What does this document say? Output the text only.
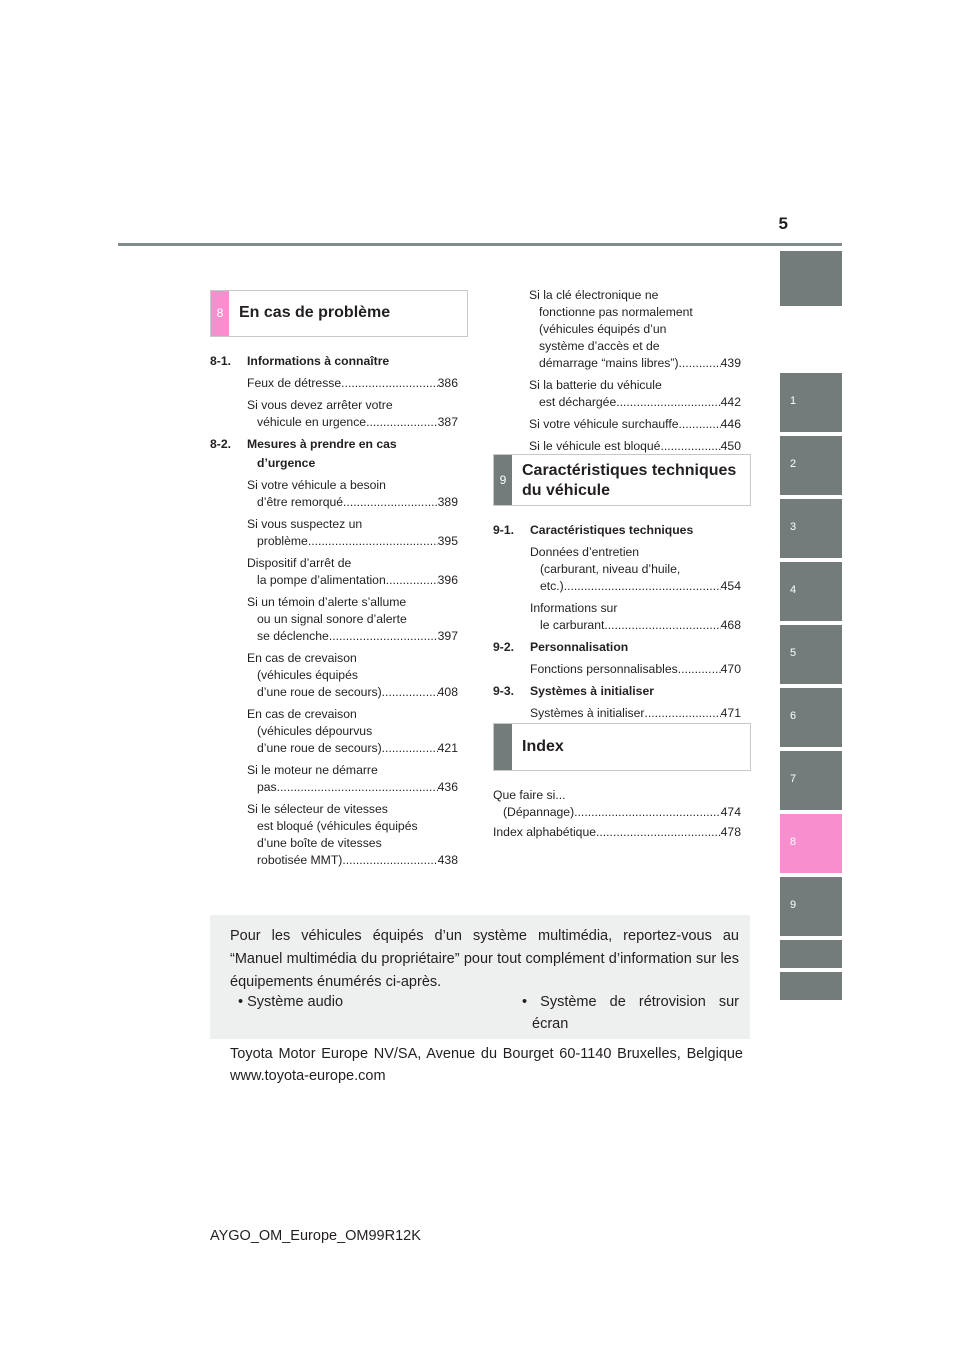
5
1
2
3
4
5
6
7
8
9
8 En cas de problème
8-1. Informations à connaître
Feux de détresse .....	386
Si vous devez arrêter votre
véhicule en urgence .....	387
8-2. Mesures à prendre en cas
d’urgence
Si votre véhicule a besoin
d’être remorqué .....	389
Si vous suspectez un
problème .....	395
Dispositif d’arrêt de
la pompe d’alimentation .....	396
Si un témoin d’alerte s’allume
ou un signal sonore d’alerte
se déclenche .....	397
En cas de crevaison
(véhicules équipés
d’une roue de secours) .....	408
En cas de crevaison
(véhicules dépourvus
d’une roue de secours) .....	421
Si le moteur ne démarre
pas .....	436
Si le sélecteur de vitesses
est bloqué (véhicules équipés
d’une boîte de vitesses
robotisée MMT) .....	438
Si la clé électronique ne
fonctionne pas normalement
(véhicules équipés d’un
système d’accès et de
démarrage “mains libres”) .....	439
Si la batterie du véhicule
est déchargée .....	442
Si votre véhicule surchauffe .....	446
Si le véhicule est bloqué .....	450
9
Caractéristiques techniques
du véhicule
9-1. Caractéristiques techniques
Données d’entretien
(carburant, niveau d’huile,
etc.) .....	454
Informations sur
le carburant .....	468
9-2. Personnalisation
Fonctions personnalisables .....	470
9-3. Systèmes à initialiser
Systèmes à initialiser .....	471
Index
Que faire si...
(Dépannage) .....	474
Index alphabétique .....	478

Pour les véhicules équipés d’un système multimédia, reportez-vous au “Manuel multimédia du propriétaire” pour tout complément d’information sur les équipements énumérés ci-après.

• Système audio	• Système de rétrovision sur
écran
Toyota Motor Europe NV/SA, Avenue du Bourget 60-1140 Bruxelles, Belgique www.toyota-europe.com
AYGO_OM_Europe_OM99R12K
